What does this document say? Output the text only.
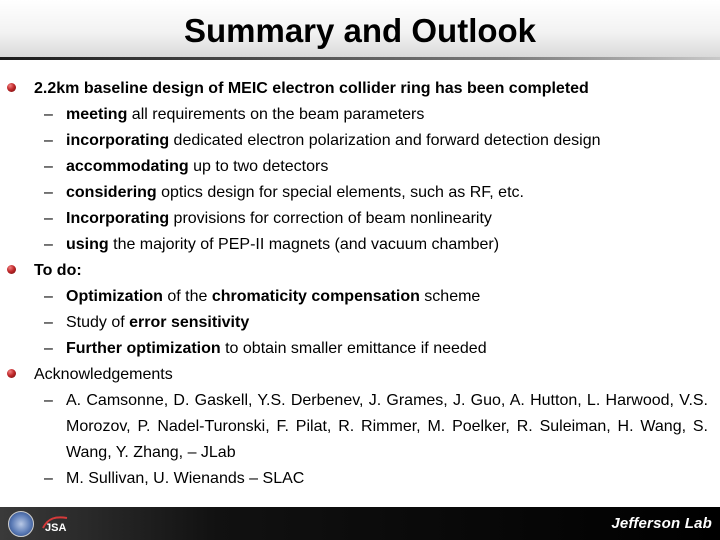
Summary and Outlook
2.2km baseline design of MEIC electron collider ring has been completed
– meeting all requirements on the beam parameters
– incorporating dedicated electron polarization and forward detection design
– accommodating up to two detectors
– considering optics design for special elements, such as RF, etc.
– Incorporating provisions for correction of beam nonlinearity
– using the majority of PEP-II magnets (and vacuum chamber)
To do:
– Optimization of the chromaticity compensation scheme
– Study of error sensitivity
– Further optimization to obtain smaller emittance if needed
Acknowledgements
– A. Camsonne, D. Gaskell, Y.S. Derbenev, J. Grames, J. Guo, A. Hutton, L. Harwood, V.S. Morozov, P. Nadel-Turonski, F. Pilat, R. Rimmer, M. Poelker, R. Suleiman, H. Wang, S. Wang, Y. Zhang, – JLab
– M. Sullivan, U. Wienands – SLAC
JSA	Jefferson Lab
